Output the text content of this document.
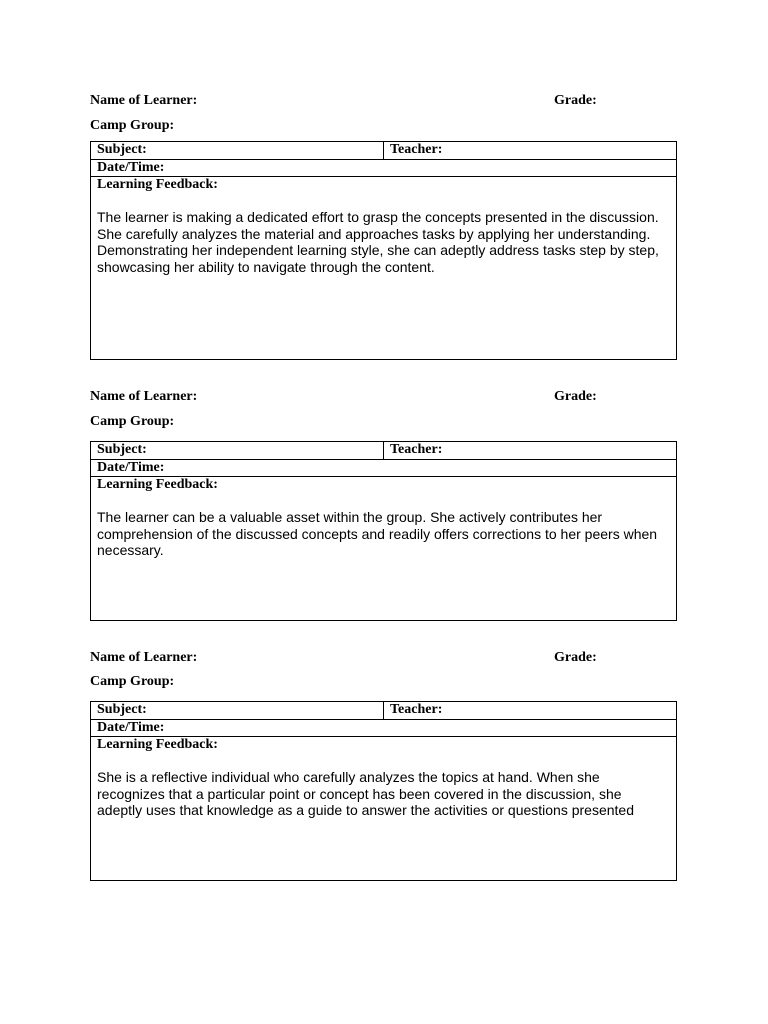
Name of Learner:	Grade:
Camp Group:
Subject:	Teacher:
Date/Time:
Learning Feedback:

The learner is making a dedicated effort to grasp the concepts presented in the discussion. She carefully analyzes the material and approaches tasks by applying her understanding. Demonstrating her independent learning style, she can adeptly address tasks step by step, showcasing her ability to navigate through the content.

Name of Learner:	Grade:
Camp Group:
Subject:	Teacher:
Date/Time:
Learning Feedback:

The learner can be a valuable asset within the group. She actively contributes her comprehension of the discussed concepts and readily offers corrections to her peers when necessary.

Name of Learner:	Grade:
Camp Group:
Subject:	Teacher:
Date/Time:
Learning Feedback:

She is a reflective individual who carefully analyzes the topics at hand. When she recognizes that a particular point or concept has been covered in the discussion, she adeptly uses that knowledge as a guide to answer the activities or questions presented
